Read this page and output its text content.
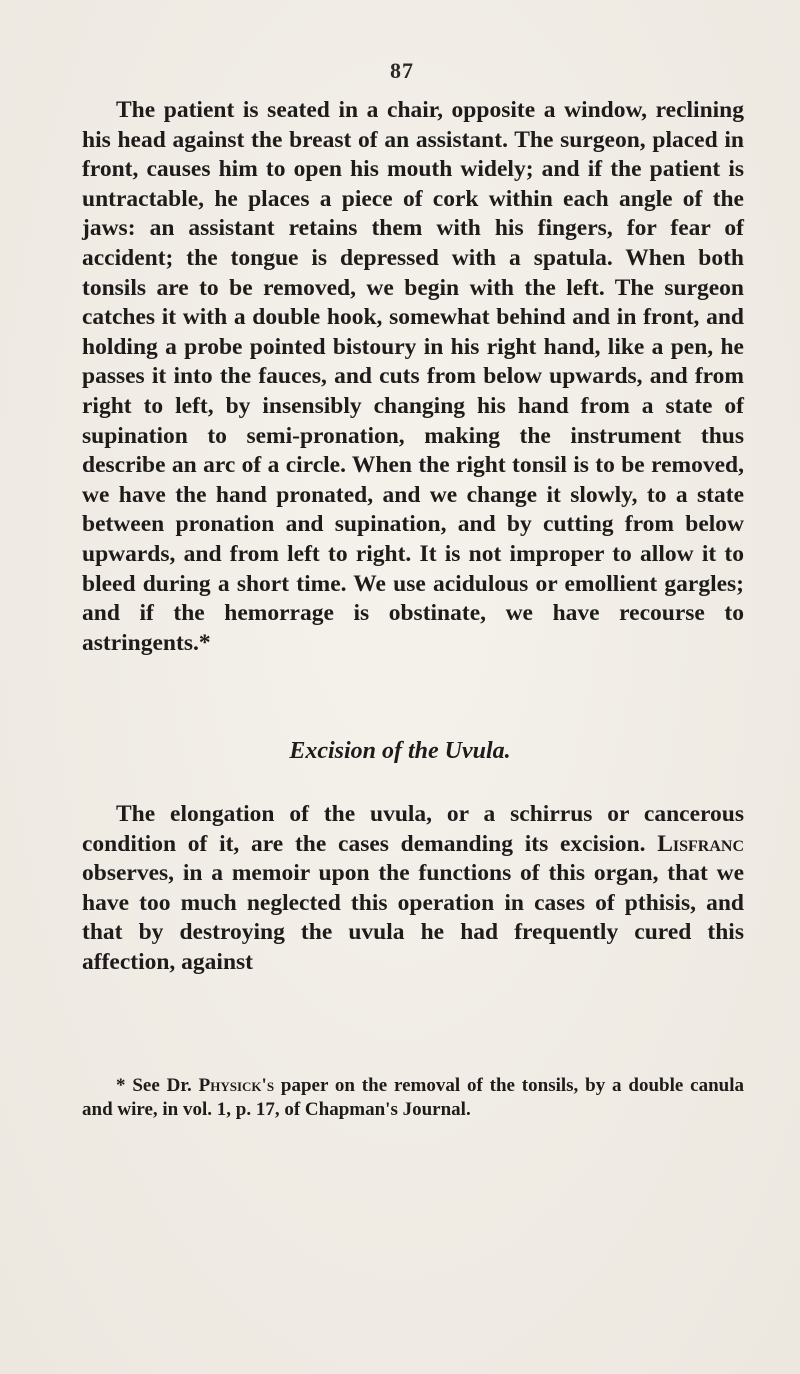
87

The patient is seated in a chair, opposite a window, reclining his head against the breast of an assistant. The surgeon, placed in front, causes him to open his mouth widely; and if the patient is untractable, he places a piece of cork within each angle of the jaws: an assistant retains them with his fingers, for fear of accident; the tongue is depressed with a spatula. When both tonsils are to be removed, we begin with the left. The surgeon catches it with a double hook, somewhat behind and in front, and holding a probe pointed bistoury in his right hand, like a pen, he passes it into the fauces, and cuts from below upwards, and from right to left, by insensibly changing his hand from a state of supination to semi-pronation, making the instrument thus describe an arc of a circle. When the right tonsil is to be removed, we have the hand pronated, and we change it slowly, to a state between pronation and supination, and by cutting from below upwards, and from left to right. It is not improper to allow it to bleed during a short time. We use acidulous or emollient gargles; and if the hemorrage is obstinate, we have recourse to astringents.*

Excision of the Uvula.

The elongation of the uvula, or a schirrus or cancerous condition of it, are the cases demanding its excision. Lisfranc observes, in a memoir upon the functions of this organ, that we have too much neglected this operation in cases of pthisis, and that by destroying the uvula he had frequently cured this affection, against

* See Dr. Physick's paper on the removal of the tonsils, by a double canula and wire, in vol. 1, p. 17, of Chapman's Journal.
